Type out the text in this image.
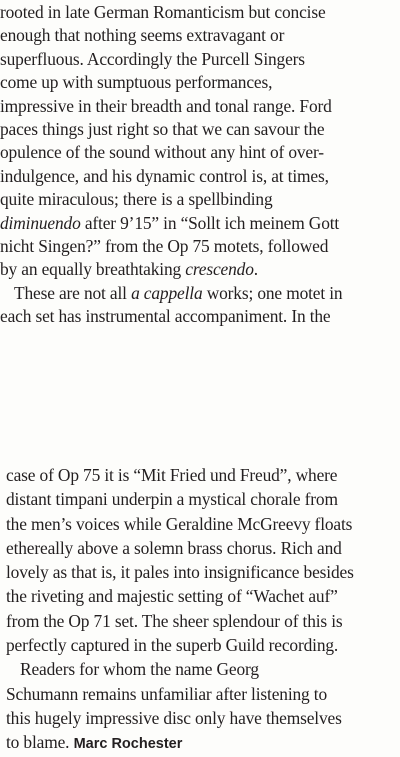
rooted in late German Romanticism but concise
enough that nothing seems extravagant or
superfluous. Accordingly the Purcell Singers
come up with sumptuous performances,
impressive in their breadth and tonal range. Ford
paces things just right so that we can savour the
opulence of the sound without any hint of over-
indulgence, and his dynamic control is, at times,
quite miraculous; there is a spellbinding
diminuendo after 9’15” in “Sollt ich meinem Gott
nicht Singen?” from the Op 75 motets, followed
by an equally breathtaking crescendo.
These are not all a cappella works; one motet in
each set has instrumental accompaniment. In the
case of Op 75 it is “Mit Fried und Freud”, where
distant timpani underpin a mystical chorale from
the men’s voices while Geraldine McGreevy floats
ethereally above a solemn brass chorus. Rich and
lovely as that is, it pales into insignificance besides
the riveting and majestic setting of “Wachet auf”
from the Op 71 set. The sheer splendour of this is
perfectly captured in the superb Guild recording.
Readers for whom the name Georg
Schumann remains unfamiliar after listening to
this hugely impressive disc only have themselves
to blame. Marc Rochester
